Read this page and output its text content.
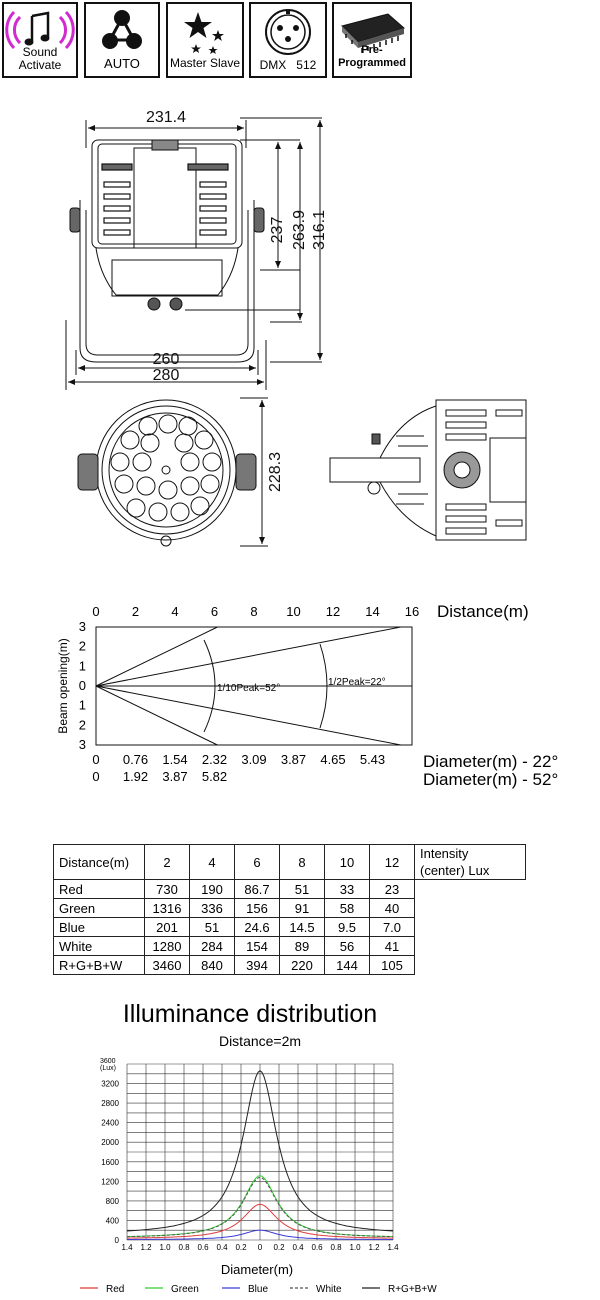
Sound
Activate	AUTO	Master Slave	DMX   512
Pre-Programmed
231.4
260
280
237 263.9 316.1
228.3
0 2 4 6 8 10 12 14 16 Distance(m)
Beam opening(m)
3
2
1
0
1
2
3
1/10Peak=52°
1/2Peak=22°
0 0.76 1.54 2.32 3.09 3.87 4.65 5.43
0 1.92 3.87 5.82
Diameter(m) - 22°
Diameter(m) - 52°
Distance(m)	2	4	6	8	10	12	Intensity
(center) Lux
Red	730	190	86.7	51	33	23	
Green	1316	336	156	91	58	40	
Blue	201	51	24.6	14.5	9.5	7.0	
White	1280	284	154	89	56	41	
R+G+B+W	3460	840	394	220	144	105	
Illuminance distribution
Distance=2m
0
400
800
1200
1600
2000
2400
2800
3200
(Lux)
3600
1.4 1.2 1.0 0.8 0.6 0.4 0.2 0 0.2 0.4 0.6 0.8 1.0 1.2 1.4
Diameter(m)
Red	Green	Blue	White	R+G+B+W
